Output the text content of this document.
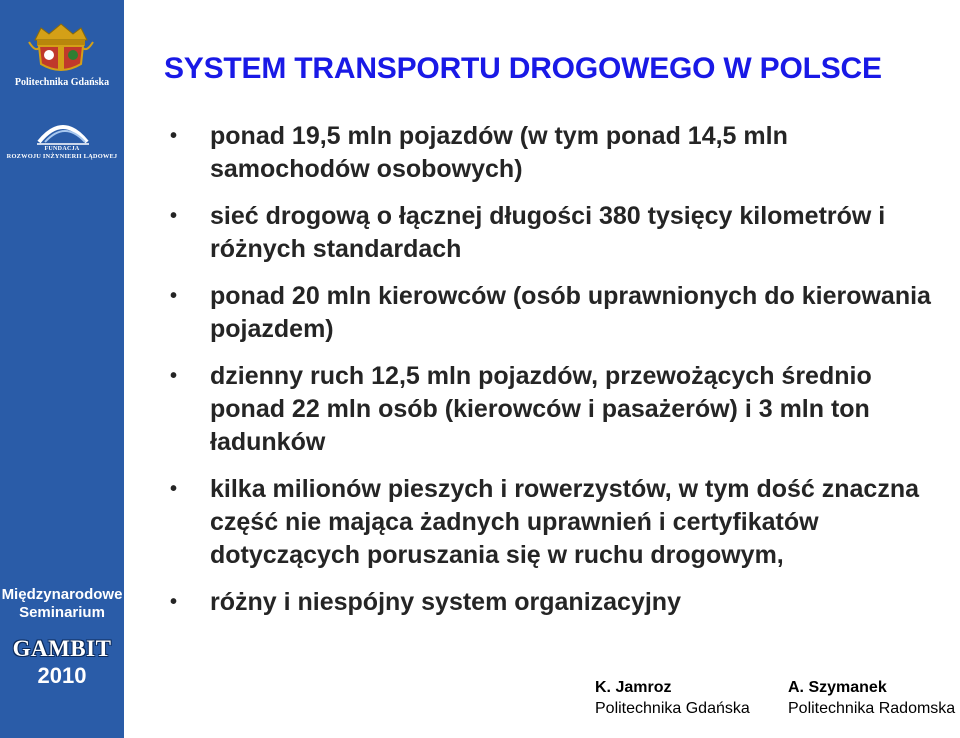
Politechnika Gdańska
FUNDACJA
ROZWOJU INŻYNIERII LĄDOWEJ
Międzynarodowe
Seminarium
GAMBIT
2010
SYSTEM TRANSPORTU DROGOWEGO W POLSCE
• ponad 19,5 mln pojazdów (w tym ponad 14,5 mln samochodów osobowych)
• sieć drogową o łącznej długości 380 tysięcy kilometrów i różnych standardach
• ponad 20 mln kierowców (osób uprawnionych do kierowania pojazdem)
• dzienny ruch 12,5 mln pojazdów, przewożących średnio ponad 22 mln osób (kierowców i pasażerów) i 3 mln ton ładunków
• kilka milionów pieszych i rowerzystów, w tym dość znaczna część nie mająca żadnych uprawnień i certyfikatów dotyczących poruszania się w ruchu drogowym,
• różny i niespójny system organizacyjny
K. Jamroz
Politechnika Gdańska
A. Szymanek
Politechnika Radomska
